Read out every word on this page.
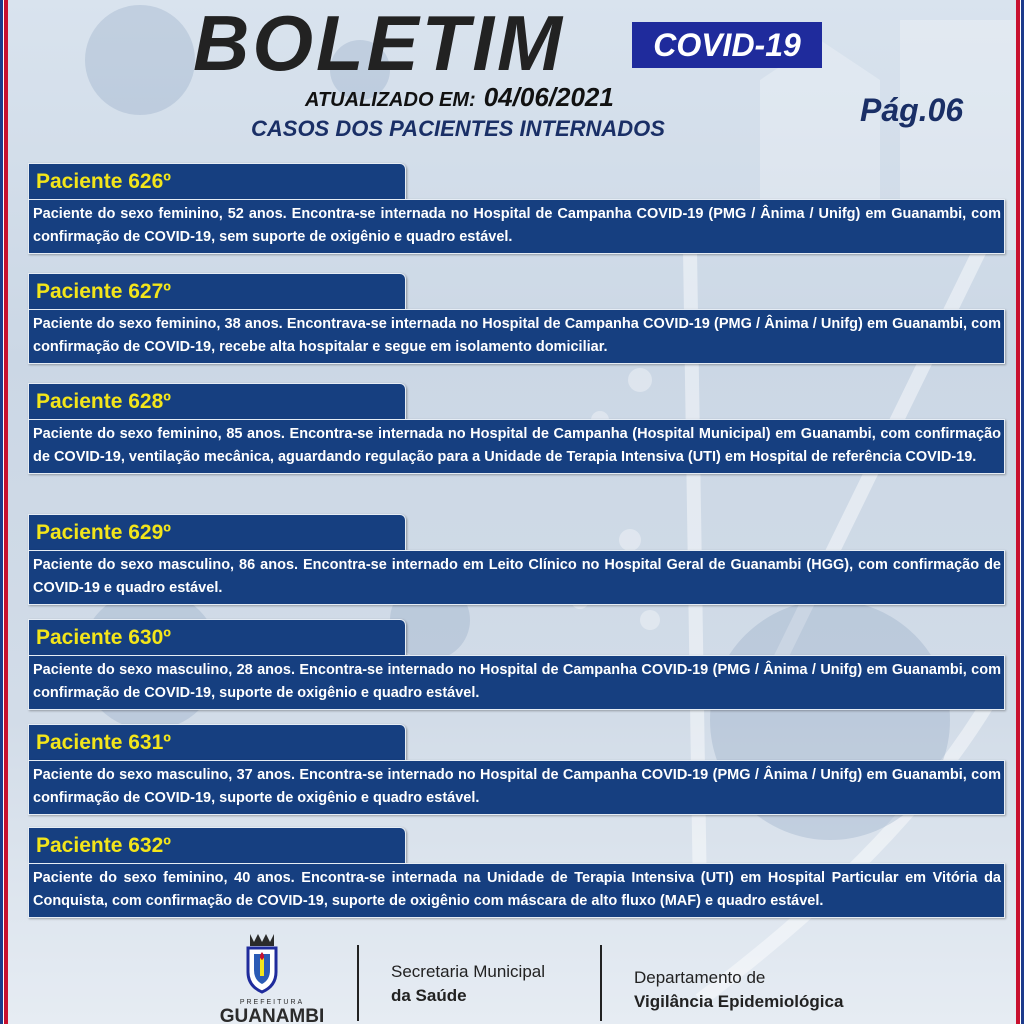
BOLETIM	COVID-19
ATUALIZADO EM: 04/06/2021
CASOS DOS PACIENTES INTERNADOS
Pág.06
Paciente 626º
Paciente do sexo feminino, 52 anos. Encontra-se internada no Hospital de Campanha COVID-19 (PMG / Ânima / Unifg) em Guanambi, com confirmação de COVID-19, sem suporte de oxigênio e quadro estável.
Paciente 627º
Paciente do sexo feminino, 38 anos. Encontrava-se internada no Hospital de Campanha COVID-19 (PMG / Ânima / Unifg) em Guanambi, com confirmação de COVID-19, recebe alta hospitalar e segue em isolamento domiciliar.
Paciente 628º
Paciente do sexo feminino, 85 anos. Encontra-se internada no Hospital de Campanha (Hospital Municipal) em Guanambi, com confirmação de COVID-19, ventilação mecânica, aguardando regulação para a Unidade de Terapia Intensiva (UTI) em Hospital de referência COVID-19.
Paciente 629º
Paciente do sexo masculino, 86 anos. Encontra-se internado em Leito Clínico no Hospital Geral de Guanambi (HGG), com confirmação de COVID-19 e quadro estável.
Paciente 630º
Paciente do sexo masculino, 28 anos. Encontra-se internado no Hospital de Campanha COVID-19 (PMG / Ânima / Unifg) em Guanambi, com confirmação de COVID-19, suporte de oxigênio e quadro estável.
Paciente 631º
Paciente do sexo masculino, 37 anos. Encontra-se internado no Hospital de Campanha COVID-19 (PMG / Ânima / Unifg) em Guanambi, com confirmação de COVID-19, suporte de oxigênio e quadro estável.
Paciente 632º
Paciente do sexo feminino, 40 anos. Encontra-se internada na Unidade de Terapia Intensiva (UTI) em Hospital Particular em Vitória da Conquista, com confirmação de COVID-19, suporte de oxigênio com máscara de alto fluxo (MAF) e quadro estável.
PREFEITURA
GUANAMBI
Secretaria Municipal
da Saúde
Departamento de
Vigilância Epidemiológica
